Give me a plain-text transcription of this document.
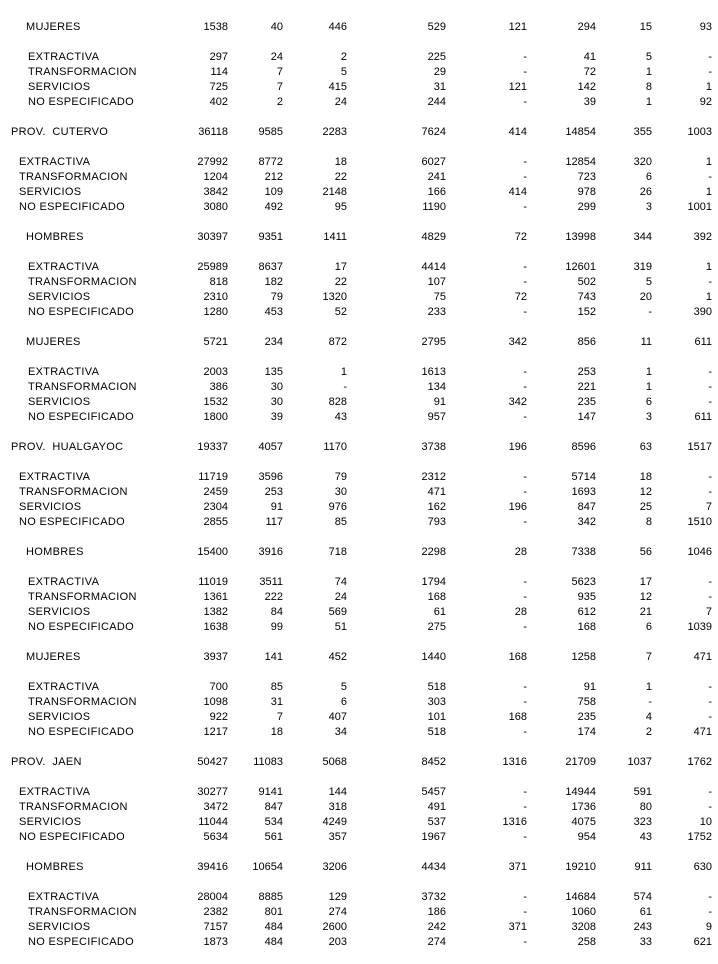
MUJERES	1538	40	446	529	121	294	15	93
EXTRACTIVA	297	24	2	225	-	41	5	-
TRANSFORMACION	114	7	5	29	-	72	1	-
SERVICIOS	725	7	415	31	121	142	8	1
NO ESPECIFICADO	402	2	24	244	-	39	1	92
PROV.  CUTERVO	36118	9585	2283	7624	414	14854	355	1003
EXTRACTIVA	27992	8772	18	6027	-	12854	320	1
TRANSFORMACION	1204	212	22	241	-	723	6	-
SERVICIOS	3842	109	2148	166	414	978	26	1
NO ESPECIFICADO	3080	492	95	1190	-	299	3	1001
HOMBRES	30397	9351	1411	4829	72	13998	344	392
EXTRACTIVA	25989	8637	17	4414	-	12601	319	1
TRANSFORMACION	818	182	22	107	-	502	5	-
SERVICIOS	2310	79	1320	75	72	743	20	1
NO ESPECIFICADO	1280	453	52	233	-	152	-	390
MUJERES	5721	234	872	2795	342	856	11	611
EXTRACTIVA	2003	135	1	1613	-	253	1	-
TRANSFORMACION	386	30	-	134	-	221	1	-
SERVICIOS	1532	30	828	91	342	235	6	-
NO ESPECIFICADO	1800	39	43	957	-	147	3	611
PROV.  HUALGAYOC	19337	4057	1170	3738	196	8596	63	1517
EXTRACTIVA	11719	3596	79	2312	-	5714	18	-
TRANSFORMACION	2459	253	30	471	-	1693	12	-
SERVICIOS	2304	91	976	162	196	847	25	7
NO ESPECIFICADO	2855	117	85	793	-	342	8	1510
HOMBRES	15400	3916	718	2298	28	7338	56	1046
EXTRACTIVA	11019	3511	74	1794	-	5623	17	-
TRANSFORMACION	1361	222	24	168	-	935	12	-
SERVICIOS	1382	84	569	61	28	612	21	7
NO ESPECIFICADO	1638	99	51	275	-	168	6	1039
MUJERES	3937	141	452	1440	168	1258	7	471
EXTRACTIVA	700	85	5	518	-	91	1	-
TRANSFORMACION	1098	31	6	303	-	758	-	-
SERVICIOS	922	7	407	101	168	235	4	-
NO ESPECIFICADO	1217	18	34	518	-	174	2	471
PROV.  JAEN	50427	11083	5068	8452	1316	21709	1037	1762
EXTRACTIVA	30277	9141	144	5457	-	14944	591	-
TRANSFORMACION	3472	847	318	491	-	1736	80	-
SERVICIOS	11044	534	4249	537	1316	4075	323	10
NO ESPECIFICADO	5634	561	357	1967	-	954	43	1752
HOMBRES	39416	10654	3206	4434	371	19210	911	630
EXTRACTIVA	28004	8885	129	3732	-	14684	574	-
TRANSFORMACION	2382	801	274	186	-	1060	61	-
SERVICIOS	7157	484	2600	242	371	3208	243	9
NO ESPECIFICADO	1873	484	203	274	-	258	33	621
